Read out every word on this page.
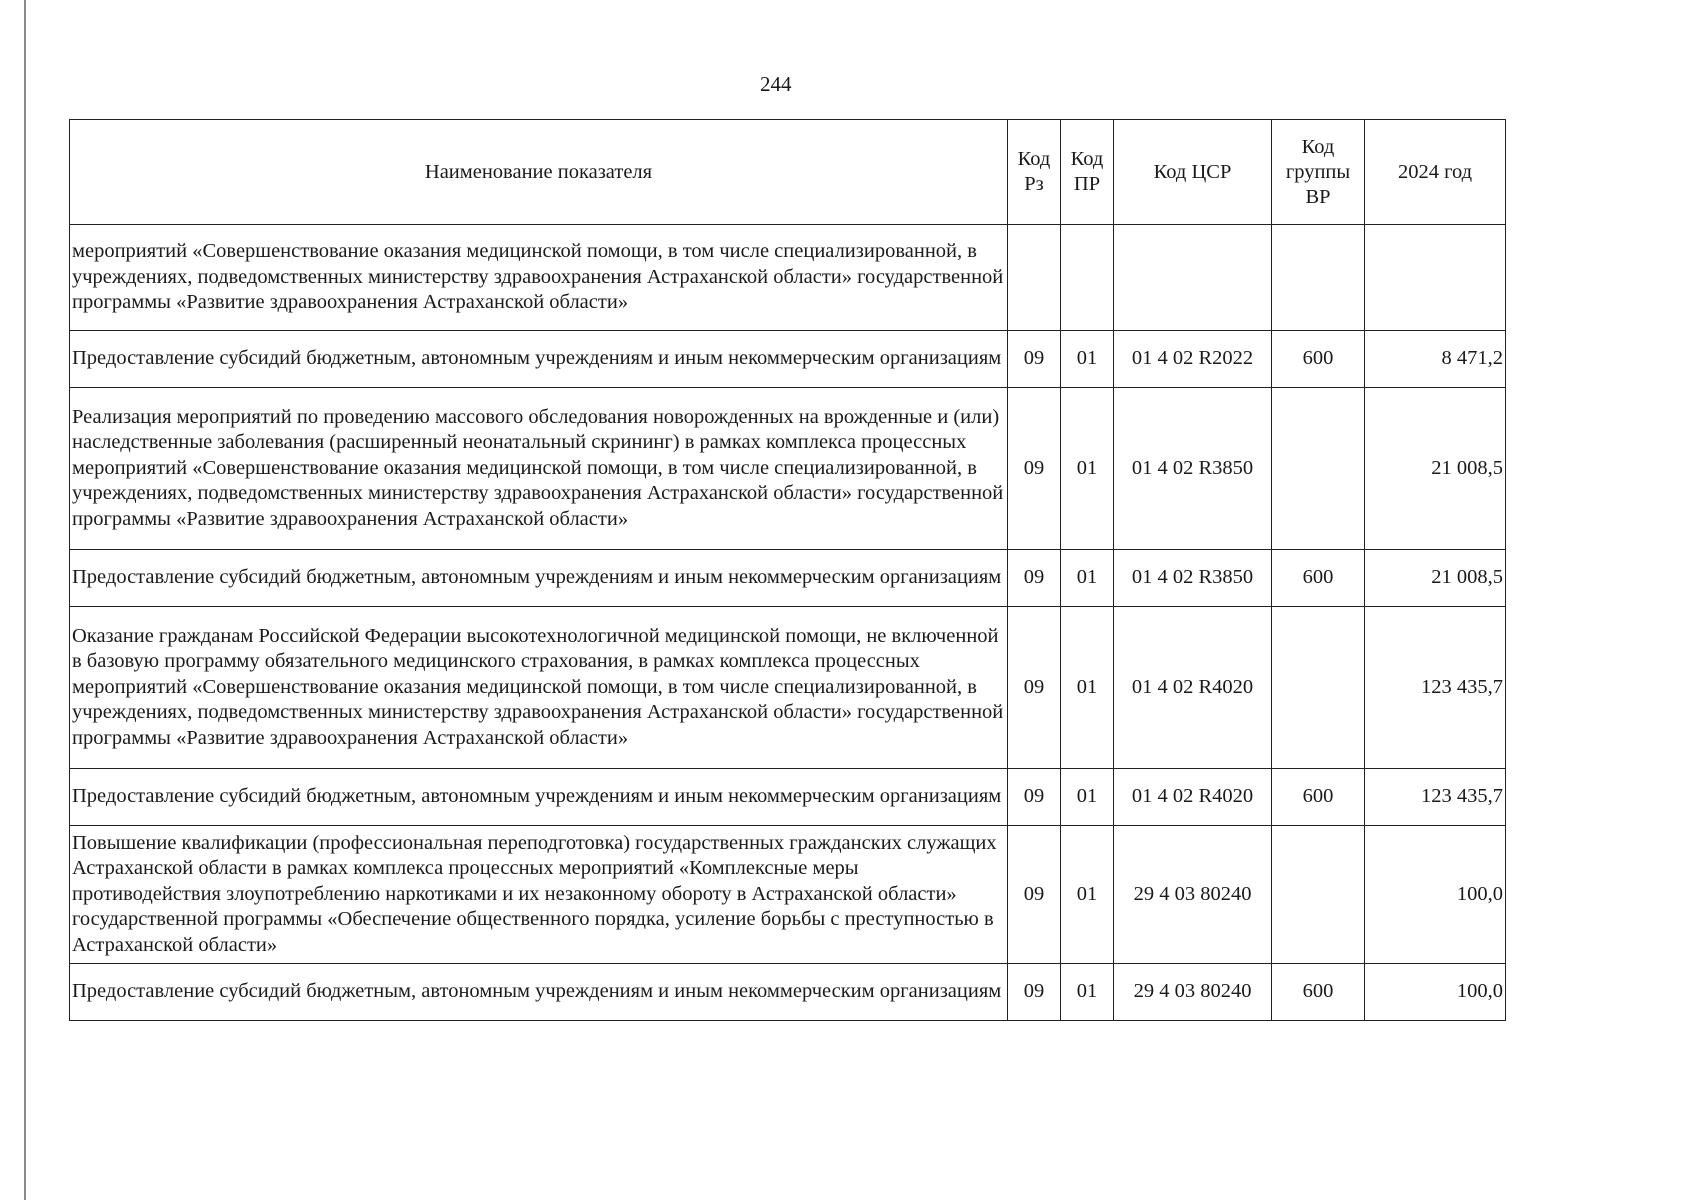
244
Наименование показателя	Код Рз	Код ПР	Код ЦСР	Код группы ВР	2024 год
мероприятий «Совершенствование оказания медицинской помощи, в том числе специализированной, в учреждениях, подведомственных министерству здравоохранения Астраханской области» государственной программы «Развитие здравоохранения Астраханской области»					
Предоставление субсидий бюджетным, автономным учреждениям и иным некоммерческим организациям	09	01	01 4 02 R2022	600	8 471,2
Реализация мероприятий по проведению массового обследования новорожденных на врожденные и (или) наследственные заболевания (расширенный неонатальный скрининг) в рамках комплекса процессных мероприятий «Совершенствование оказания медицинской помощи, в том числе специализированной, в учреждениях, подведомственных министерству здравоохранения Астраханской области» государственной программы «Развитие здравоохранения Астраханской области»	09	01	01 4 02 R3850		21 008,5
Предоставление субсидий бюджетным, автономным учреждениям и иным некоммерческим организациям	09	01	01 4 02 R3850	600	21 008,5
Оказание гражданам Российской Федерации высокотехнологичной медицинской помощи, не включенной в базовую программу обязательного медицинского страхования, в рамках комплекса процессных мероприятий «Совершенствование оказания медицинской помощи, в том числе специализированной, в учреждениях, подведомственных министерству здравоохранения Астраханской области» государственной программы «Развитие здравоохранения Астраханской области»	09	01	01 4 02 R4020		123 435,7
Предоставление субсидий бюджетным, автономным учреждениям и иным некоммерческим организациям	09	01	01 4 02 R4020	600	123 435,7
Повышение квалификации (профессиональная переподготовка) государственных гражданских служащих Астраханской области в рамках комплекса процессных мероприятий «Комплексные меры противодействия злоупотреблению наркотиками и их незаконному обороту в Астраханской области» государственной программы «Обеспечение общественного порядка, усиление борьбы с преступностью в Астраханской области»	09	01	29 4 03 80240		100,0
Предоставление субсидий бюджетным, автономным учреждениям и иным некоммерческим организациям	09	01	29 4 03 80240	600	100,0
